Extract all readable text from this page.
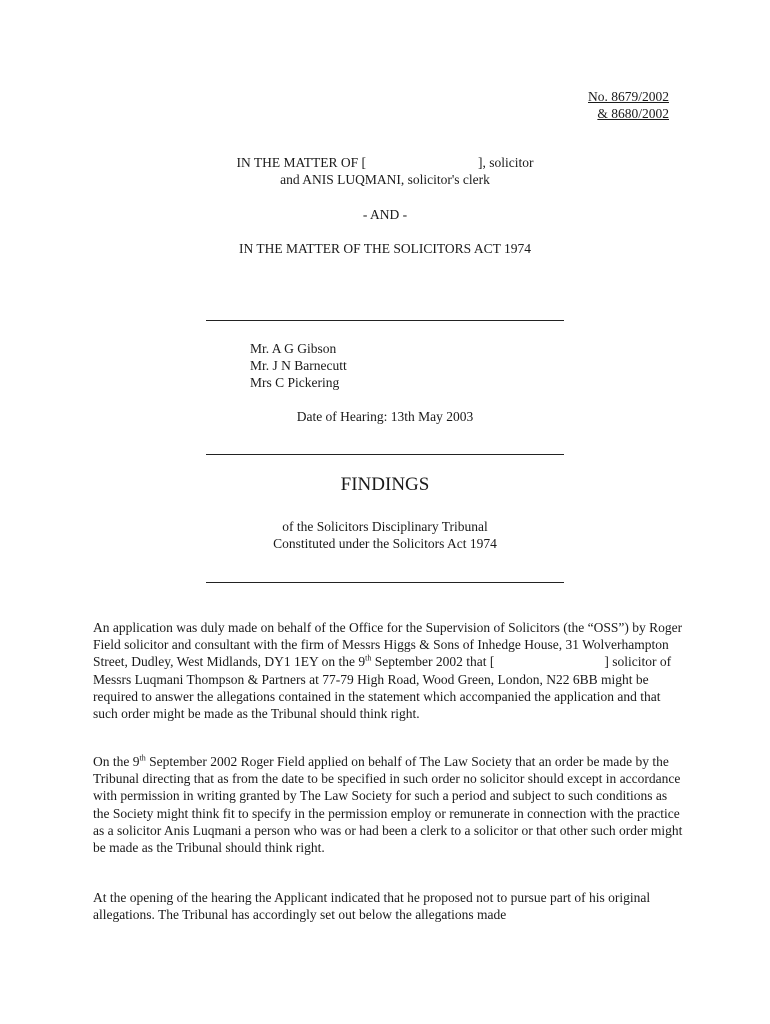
No. 8679/2002
& 8680/2002
IN THE MATTER OF [	], solicitor
and ANIS LUQMANI, solicitor's clerk
- AND -
IN THE MATTER OF THE SOLICITORS ACT 1974
Mr. A G Gibson
Mr. J N Barnecutt
Mrs C Pickering
Date of Hearing: 13th May 2003
FINDINGS
of the Solicitors Disciplinary Tribunal
Constituted under the Solicitors Act 1974
An application was duly made on behalf of the Office for the Supervision of Solicitors (the “OSS”) by Roger Field solicitor and consultant with the firm of Messrs Higgs & Sons of Inhedge House, 31 Wolverhampton Street, Dudley, West Midlands, DY1 1EY on the 9th September 2002 that [	] solicitor of Messrs Luqmani Thompson & Partners at 77-79 High Road, Wood Green, London, N22 6BB might be required to answer the allegations contained in the statement which accompanied the application and that such order might be made as the Tribunal should think right.
On the 9th September 2002 Roger Field applied on behalf of The Law Society that an order be made by the Tribunal directing that as from the date to be specified in such order no solicitor should except in accordance with permission in writing granted by The Law Society for such a period and subject to such conditions as the Society might think fit to specify in the permission employ or remunerate in connection with the practice as a solicitor Anis Luqmani a person who was or had been a clerk to a solicitor or that other such order might be made as the Tribunal should think right.
At the opening of the hearing the Applicant indicated that he proposed not to pursue part of his original allegations. The Tribunal has accordingly set out below the allegations made
